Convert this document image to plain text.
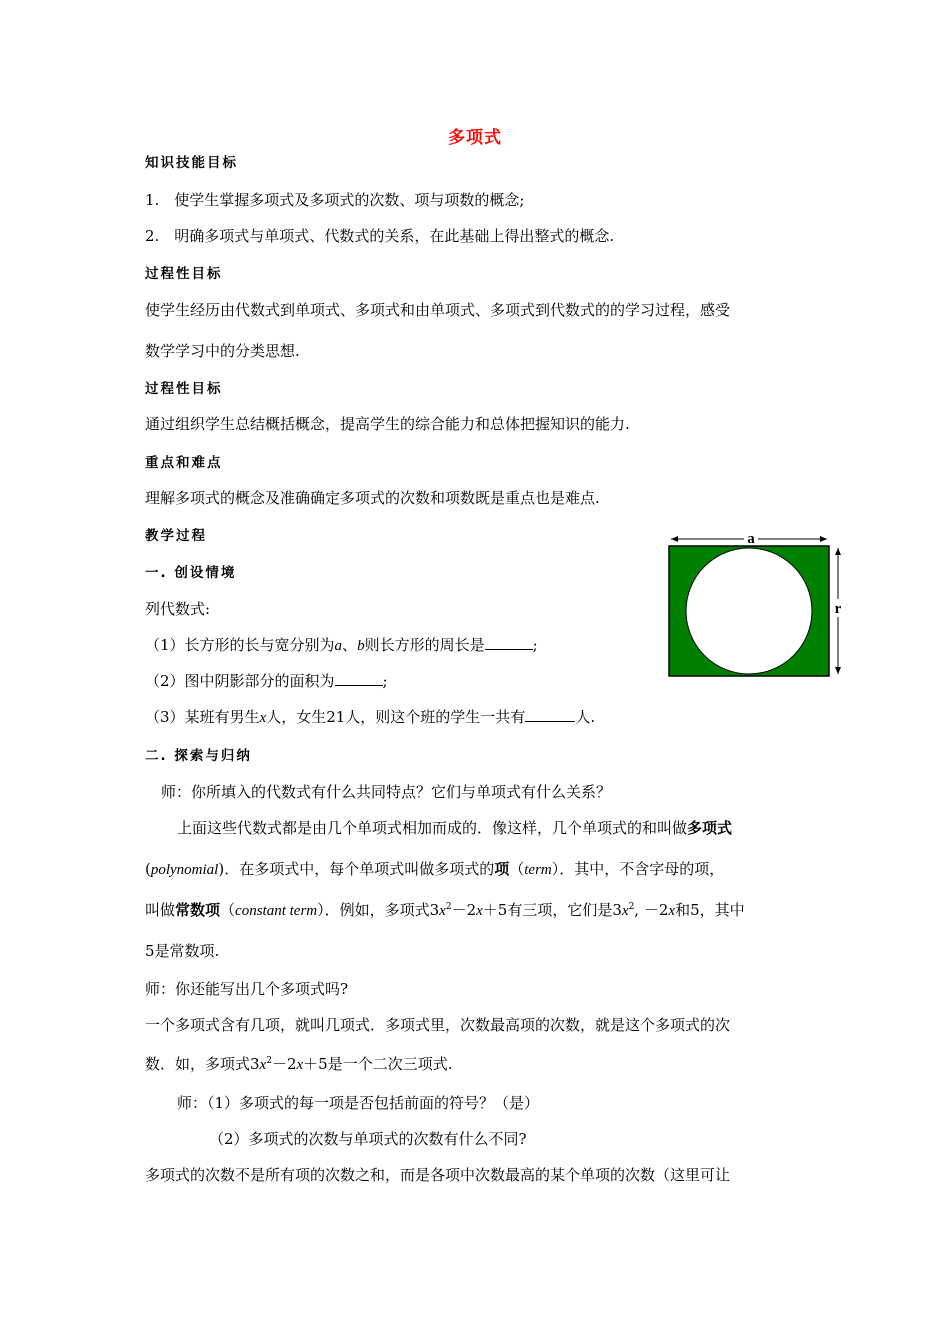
多项式
知识技能目标
1.　使学生掌握多项式及多项式的次数、项与项数的概念;
2.　明确多项式与单项式、代数式的关系，在此基础上得出整式的概念.
过程性目标
使学生经历由代数式到单项式、多项式和由单项式、多项式到代数式的的学习过程，感受
数学学习中的分类思想.
过程性目标
通过组织学生总结概括概念，提高学生的综合能力和总体把握知识的能力.
重点和难点
理解多项式的概念及准确确定多项式的次数和项数既是重点也是难点.
教学过程
一. 创设情境
列代数式:
（1）长方形的长与宽分别为a、b则长方形的周长是	;
（2）图中阴影部分的面积为	;
（3）某班有男生x人，女生21人，则这个班的学生一共有	人.
a
r
二. 探索与归纳
师：你所填入的代数式有什么共同特点？它们与单项式有什么关系？
上面这些代数式都是由几个单项式相加而成的．像这样，几个单项式的和叫做多项式
(polynomial)．在多项式中，每个单项式叫做多项式的项（term）．其中，不含字母的项，
叫做常数项（constant term）．例如，多项式$3x^2-2x+5$有三项，它们是$3x^2$, －2x和5，其中
5是常数项.
师：你还能写出几个多项式吗?
一个多项式含有几项，就叫几项式．多项式里，次数最高项的次数，就是这个多项式的次
数．如，多项式$3x^2-2x+5$是一个二次三项式.
师：（1）多项式的每一项是否包括前面的符号？（是）
（2）多项式的次数与单项式的次数有什么不同?
多项式的次数不是所有项的次数之和，而是各项中次数最高的某个单项的次数（这里可让
